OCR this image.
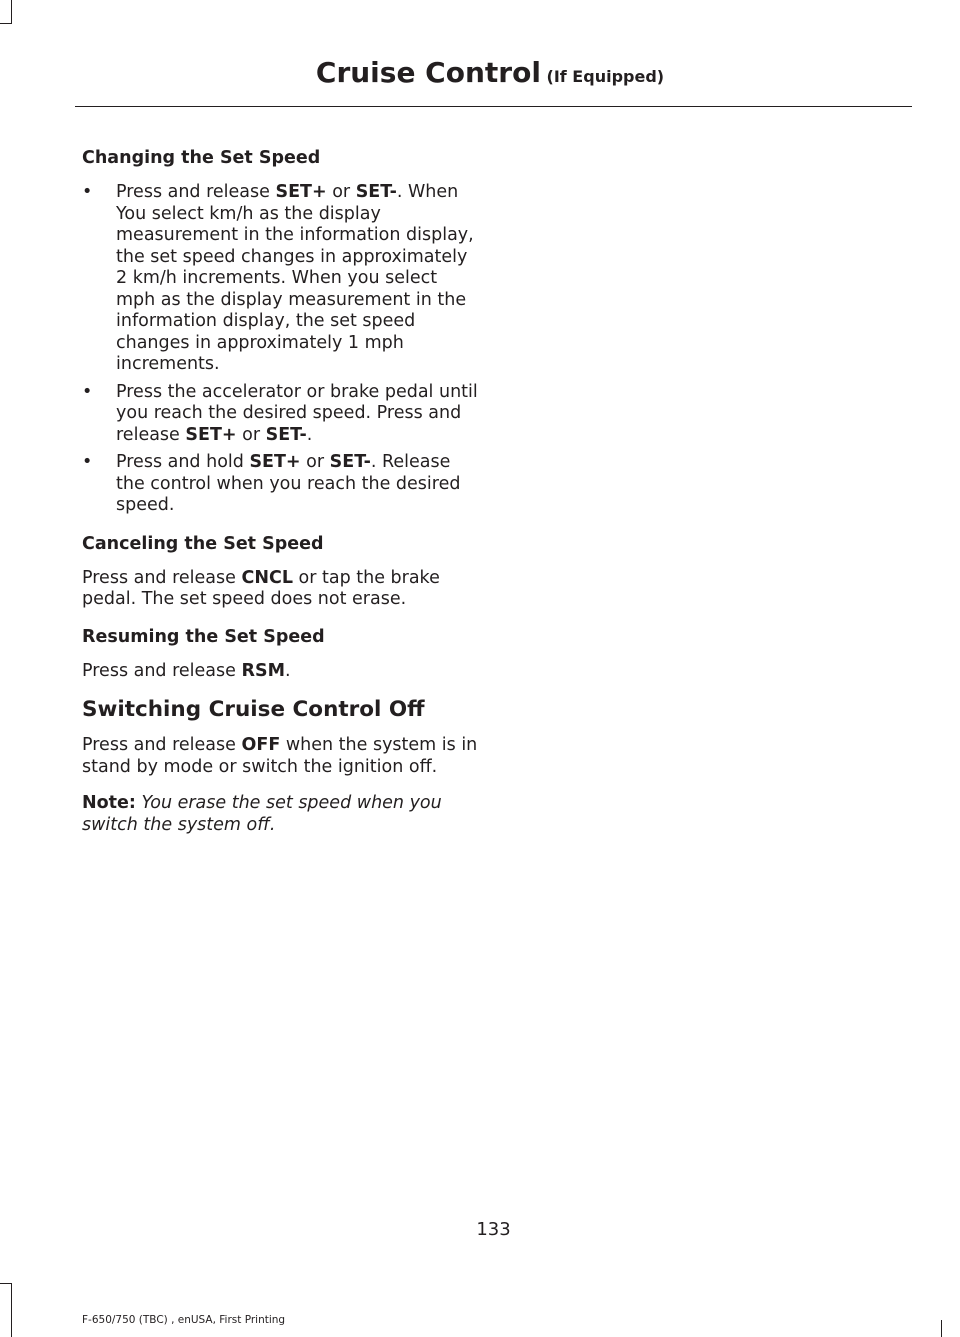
Cruise Control (If Equipped)
Changing the Set Speed
• Press and release SET+ or SET-. When You select km/h as the display measurement in the information display, the set speed changes in approximately 2 km/h increments. When you select mph as the display measurement in the information display, the set speed changes in approximately 1 mph increments.
• Press the accelerator or brake pedal until you reach the desired speed. Press and release SET+ or SET-.
• Press and hold SET+ or SET-. Release the control when you reach the desired speed.
Canceling the Set Speed

Press and release CNCL or tap the brake pedal. The set speed does not erase.

Resuming the Set Speed

Press and release RSM.

Switching Cruise Control Off

Press and release OFF when the system is in stand by mode or switch the ignition off.

Note: You erase the set speed when you switch the system off.

133
F-650/750 (TBC) , enUSA, First Printing
